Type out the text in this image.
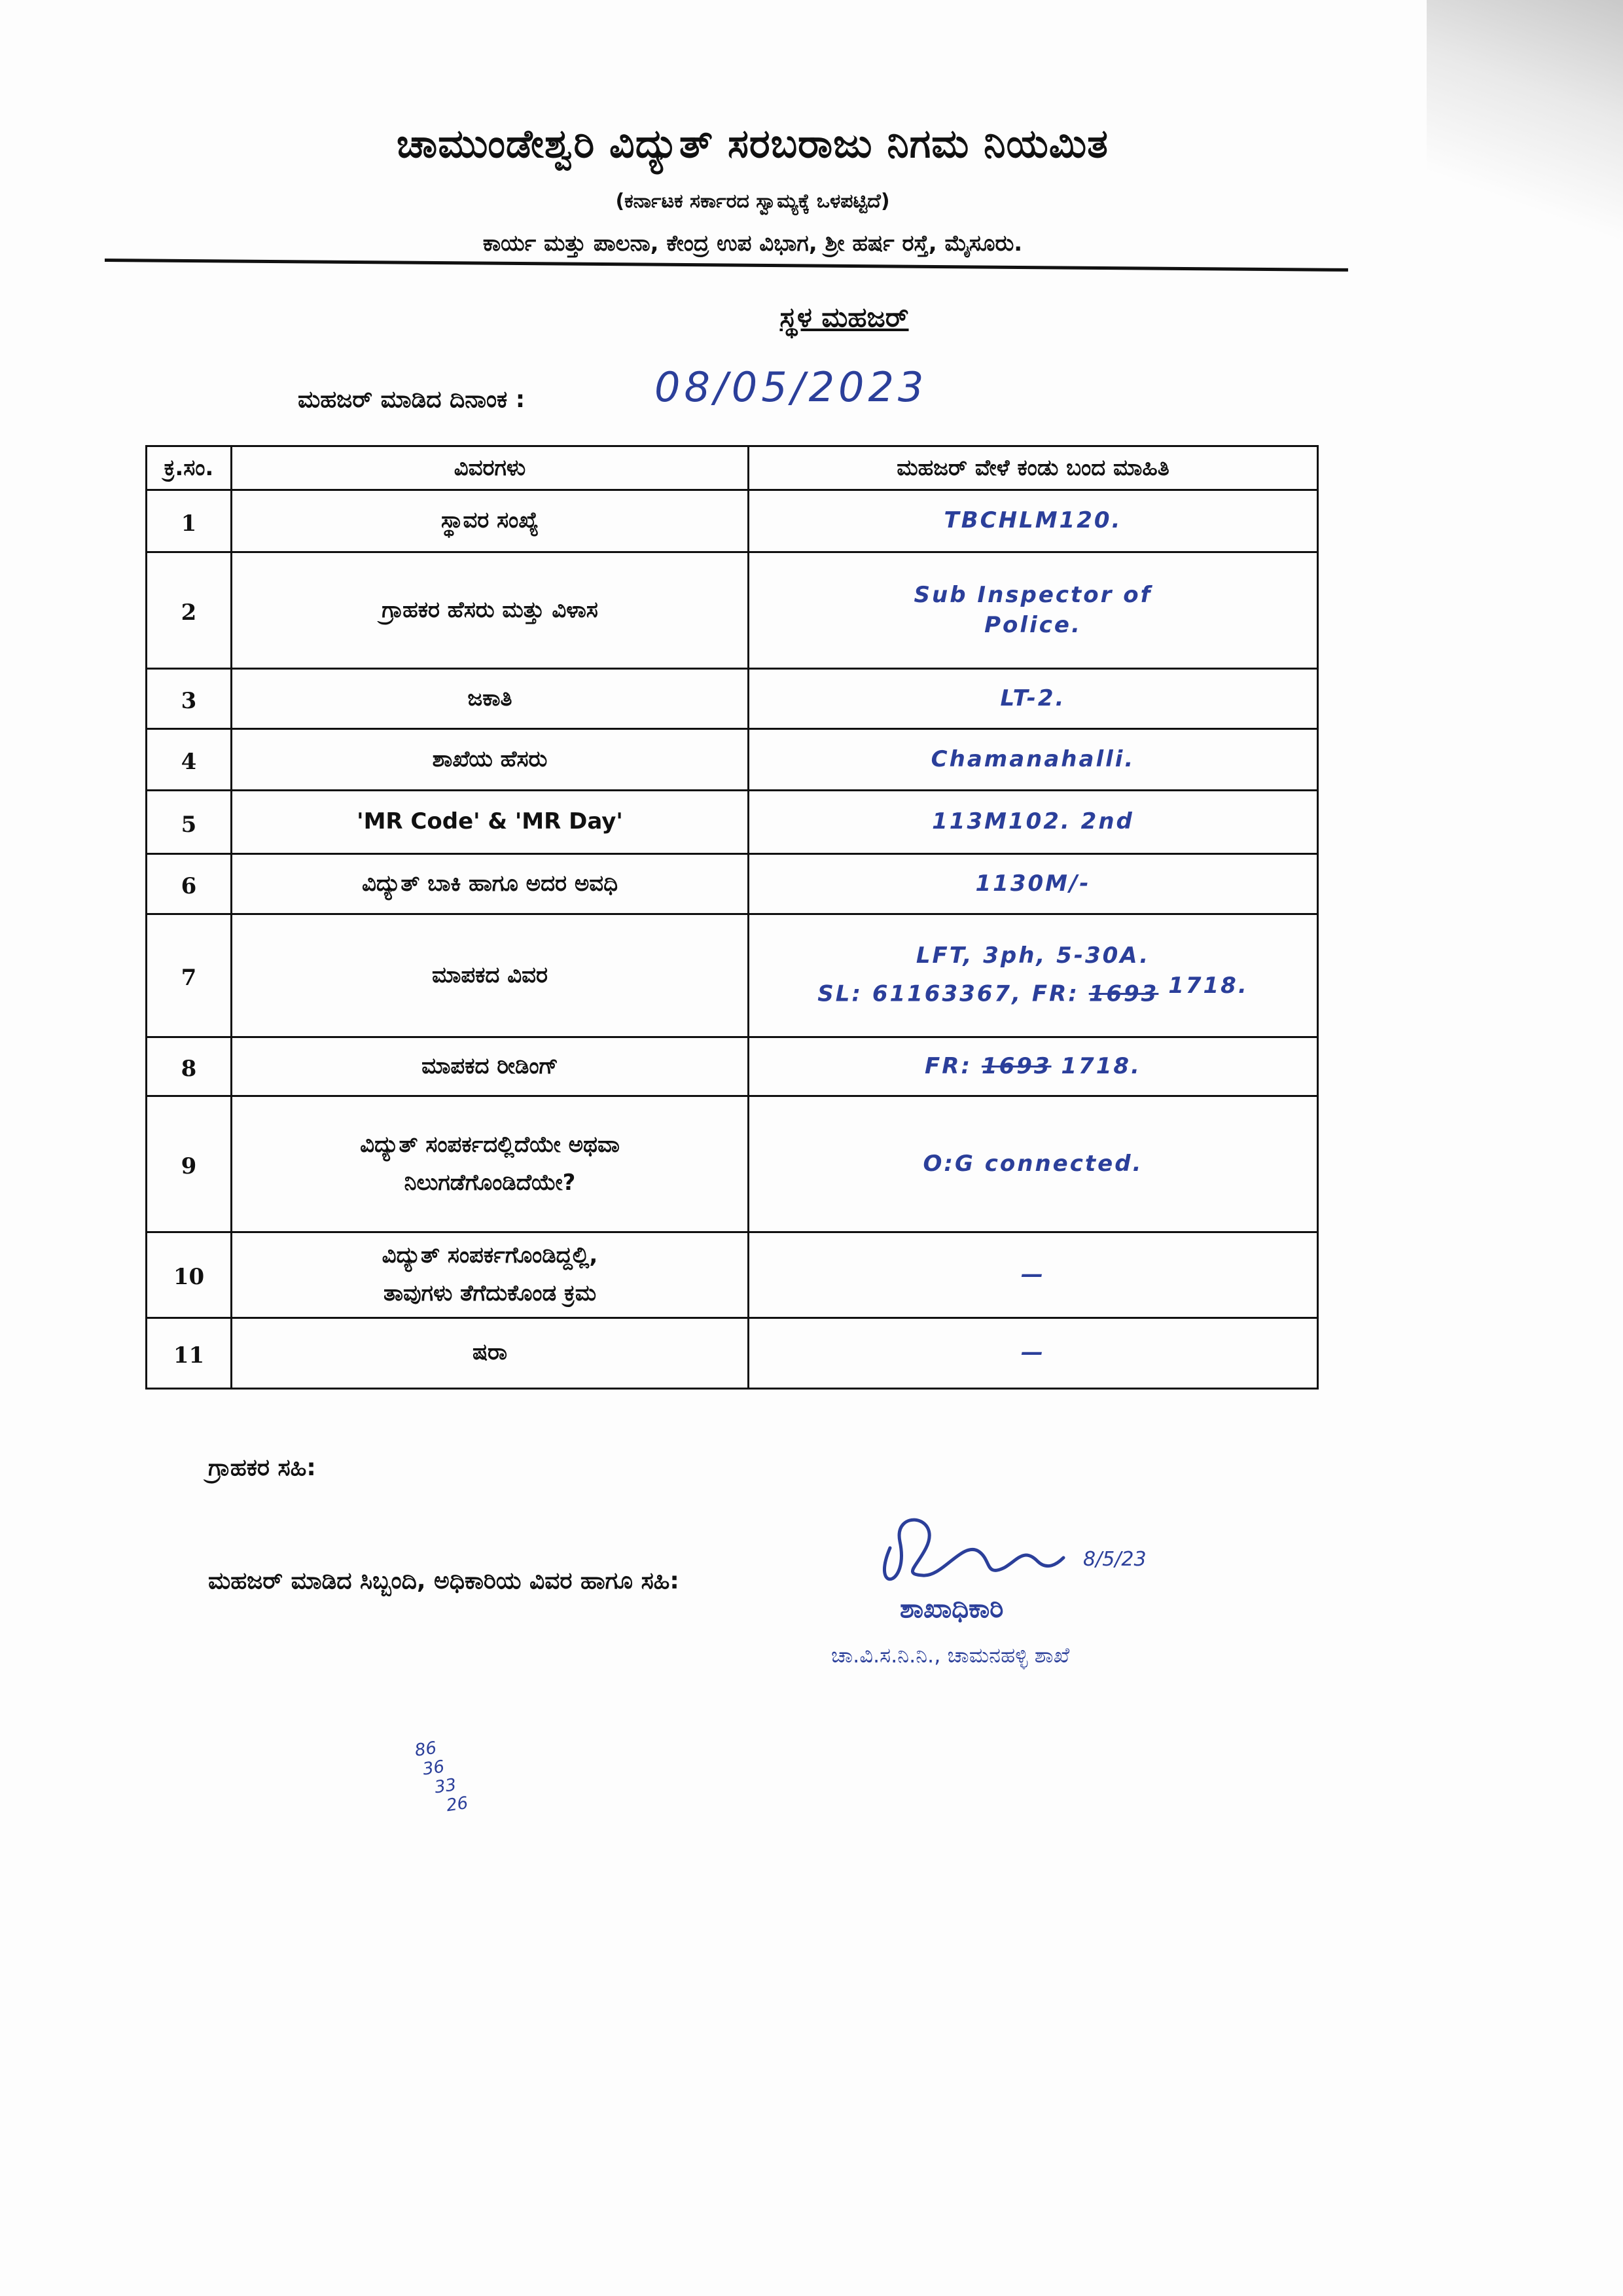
ಚಾಮುಂಡೇಶ್ವರಿ ವಿದ್ಯುತ್ ಸರಬರಾಜು ನಿಗಮ ನಿಯಮಿತ
(ಕರ್ನಾಟಕ ಸರ್ಕಾರದ ಸ್ವಾಮ್ಯಕ್ಕೆ ಒಳಪಟ್ಟಿದೆ)
ಕಾರ್ಯ ಮತ್ತು ಪಾಲನಾ, ಕೇಂದ್ರ ಉಪ ವಿಭಾಗ, ಶ್ರೀ ಹರ್ಷ ರಸ್ತೆ, ಮೈಸೂರು.
ಸ್ಥಳ ಮಹಜರ್
ಮಹಜರ್ ಮಾಡಿದ ದಿನಾಂಕ :	08/05/2023
ಕ್ರ.ಸಂ.	ವಿವರಗಳು	ಮಹಜರ್ ವೇಳೆ ಕಂಡು ಬಂದ ಮಾಹಿತಿ
1	ಸ್ಥಾವರ ಸಂಖ್ಯೆ	TBCHLM120.
2	ಗ್ರಾಹಕರ ಹೆಸರು ಮತ್ತು ವಿಳಾಸ	Sub Inspector of
Police.

3	ಜಕಾತಿ	LT-2.
4	ಶಾಖೆಯ ಹೆಸರು	Chamanahalli.
5	'MR Code' & 'MR Day'	113M102. 2nd
6	ವಿದ್ಯುತ್ ಬಾಕಿ ಹಾಗೂ ಅದರ ಅವಧಿ	1130M/-
7	ಮಾಪಕದ ವಿವರ	LFT, 3ph, 5-30A.
SL: 61163367, FR: 1693 $^{1718.}$

8	ಮಾಪಕದ ರೀಡಿಂಗ್	FR: 1693 1718.
9	ವಿದ್ಯುತ್ ಸಂಪರ್ಕದಲ್ಲಿದೆಯೇ ಅಥವಾ
ನಿಲುಗಡೆಗೊಂಡಿದೆಯೇ?	O:G connected.
10	ವಿದ್ಯುತ್ ಸಂಪರ್ಕಗೊಂಡಿದ್ದಲ್ಲಿ,
ತಾವುಗಳು ತೆಗೆದುಕೊಂಡ ಕ್ರಮ	—
11	ಷರಾ	—
ಗ್ರಾಹಕರ ಸಹಿ:
ಮಹಜರ್ ಮಾಡಿದ ಸಿಬ್ಬಂದಿ, ಅಧಿಕಾರಿಯ ವಿವರ ಹಾಗೂ ಸಹಿ:
8/5/23
ಶಾಖಾಧಿಕಾರಿ
ಚಾ.ವಿ.ಸ.ನಿ.ನಿ., ಚಾಮನಹಳ್ಳಿ ಶಾಖೆ
86
36
33
26
